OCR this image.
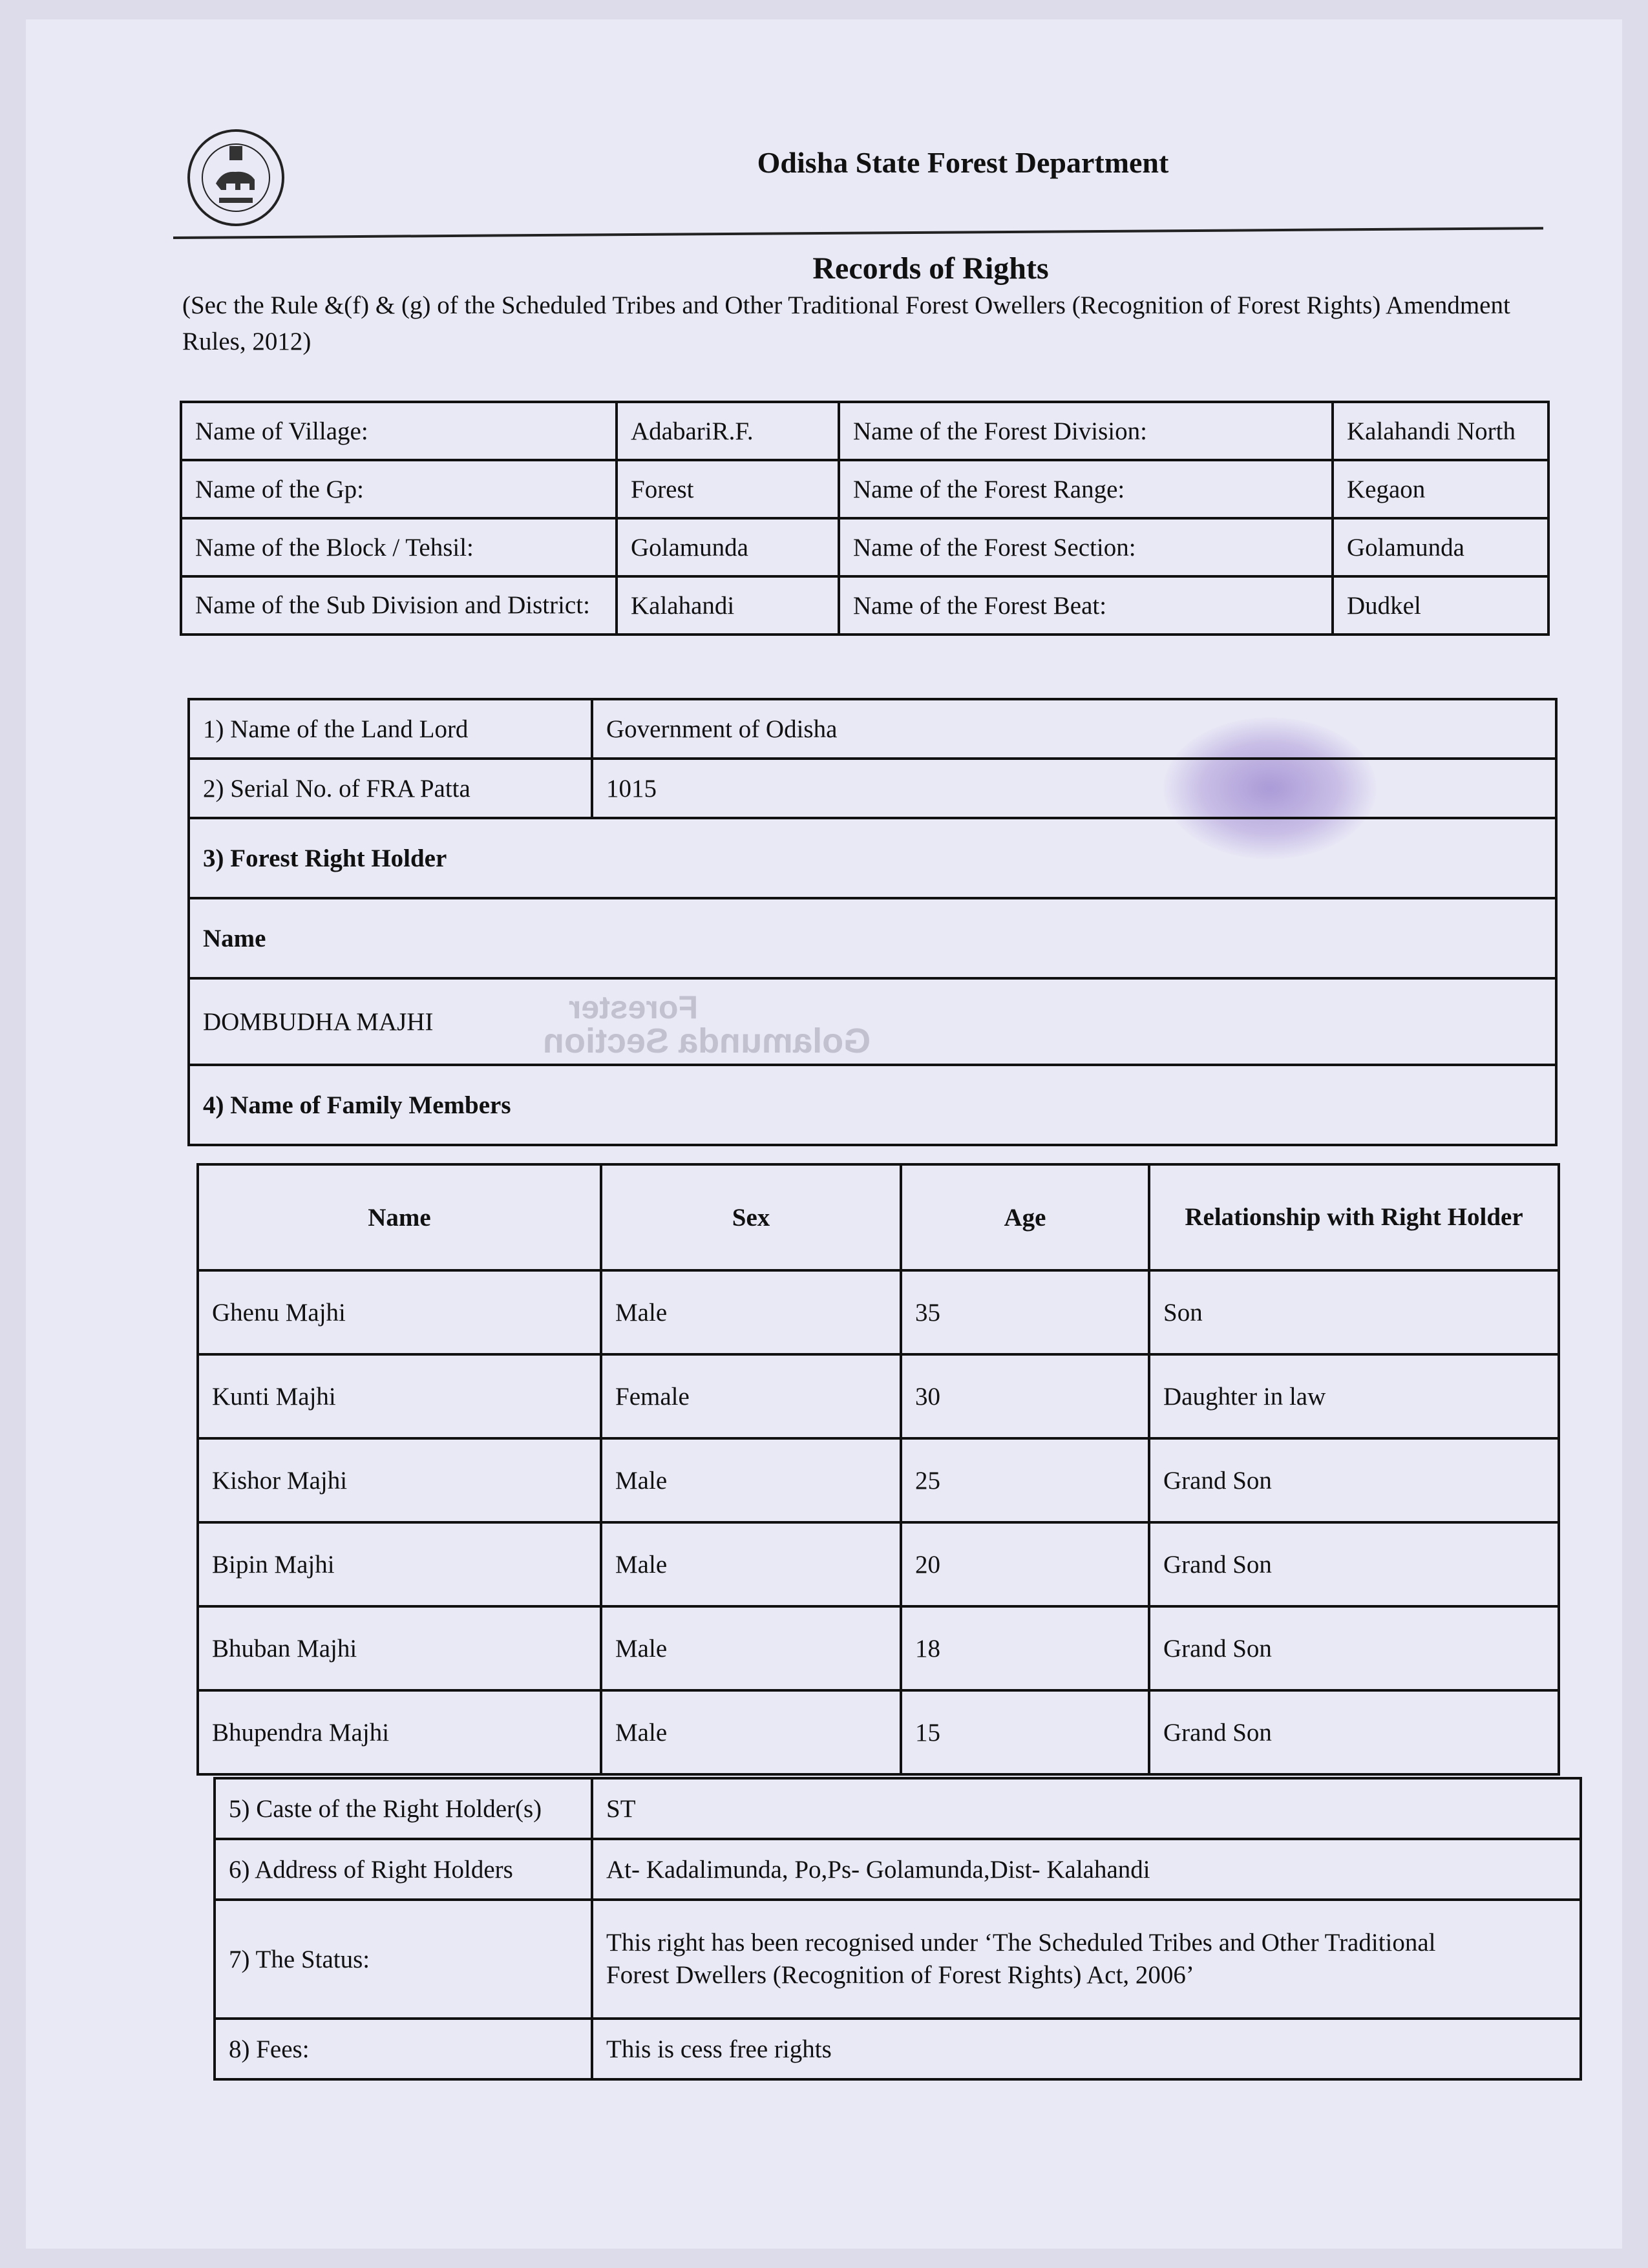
Forester
Golamunda Section
Odisha State Forest Department
Records of Rights
(Sec the Rule &(f) & (g) of the Scheduled Tribes and Other Traditional Forest Owellers (Recognition of Forest Rights) Amendment Rules, 2012)
Name of Village:	AdabariR.F.	Name of the Forest Division:	Kalahandi North
Name of the Gp:	Forest	Name of the Forest Range:	Kegaon
Name of the Block / Tehsil:	Golamunda	Name of the Forest Section:	Golamunda
Name of the Sub Division and District:	Kalahandi	Name of the Forest Beat:	Dudkel
1) Name of the Land Lord	Government of Odisha
2) Serial No. of FRA Patta	1015
3) Forest Right Holder	
Name	
DOMBUDHA MAJHI	
4) Name of Family Members	
Name	Sex	Age	Relationship with Right Holder
Ghenu Majhi	Male	35	Son
Kunti Majhi	Female	30	Daughter in law
Kishor Majhi	Male	25	Grand Son
Bipin Majhi	Male	20	Grand Son
Bhuban Majhi	Male	18	Grand Son
Bhupendra Majhi	Male	15	Grand Son
5) Caste of the Right Holder(s)	ST
6) Address of Right Holders	At- Kadalimunda, Po,Ps- Golamunda,Dist- Kalahandi
7) The Status:	This right has been recognised under ‘The Scheduled Tribes and Other Traditional
Forest Dwellers (Recognition of Forest Rights) Act, 2006’

8) Fees:	This is cess free rights
